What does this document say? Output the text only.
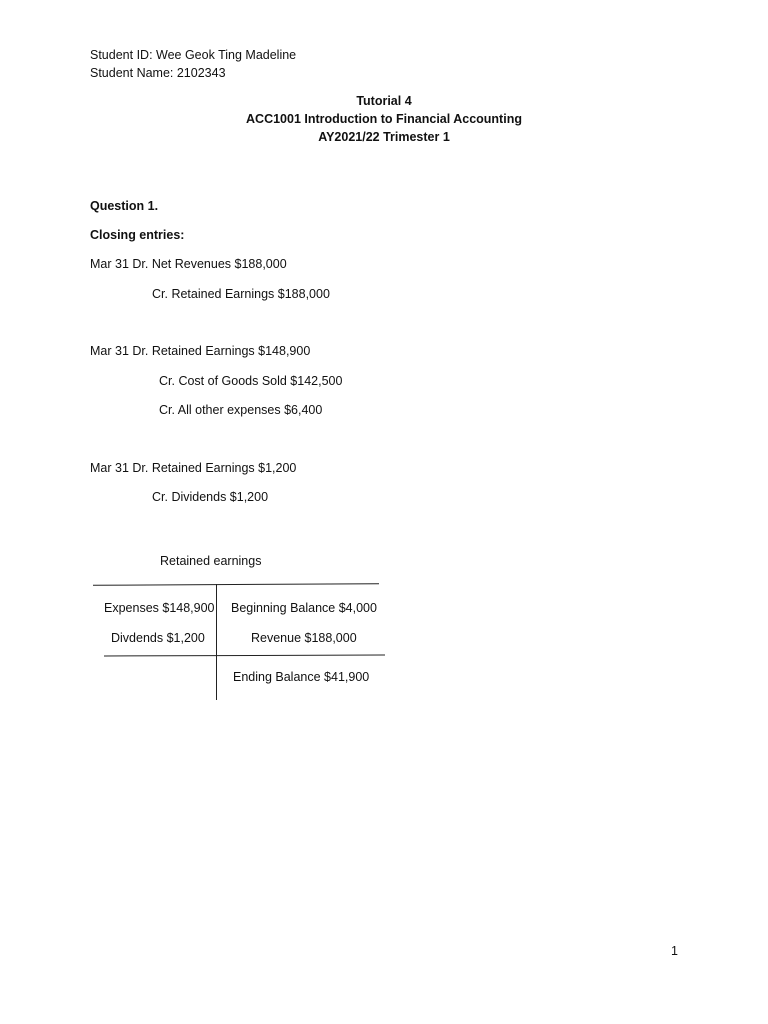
Student ID: Wee Geok Ting Madeline
Student Name: 2102343
Tutorial 4
ACC1001 Introduction to Financial Accounting
AY2021/22 Trimester 1
Question 1.
Closing entries:
Mar 31 Dr. Net Revenues $188,000
Cr. Retained Earnings $188,000
Mar 31 Dr. Retained Earnings $148,900
Cr. Cost of Goods Sold $142,500
Cr. All other expenses $6,400
Mar 31 Dr. Retained Earnings $1,200
Cr. Dividends $1,200
Retained earnings
Expenses $148,900
Divdends $1,200
Beginning Balance $4,000
Revenue $188,000
Ending Balance $41,900
1
